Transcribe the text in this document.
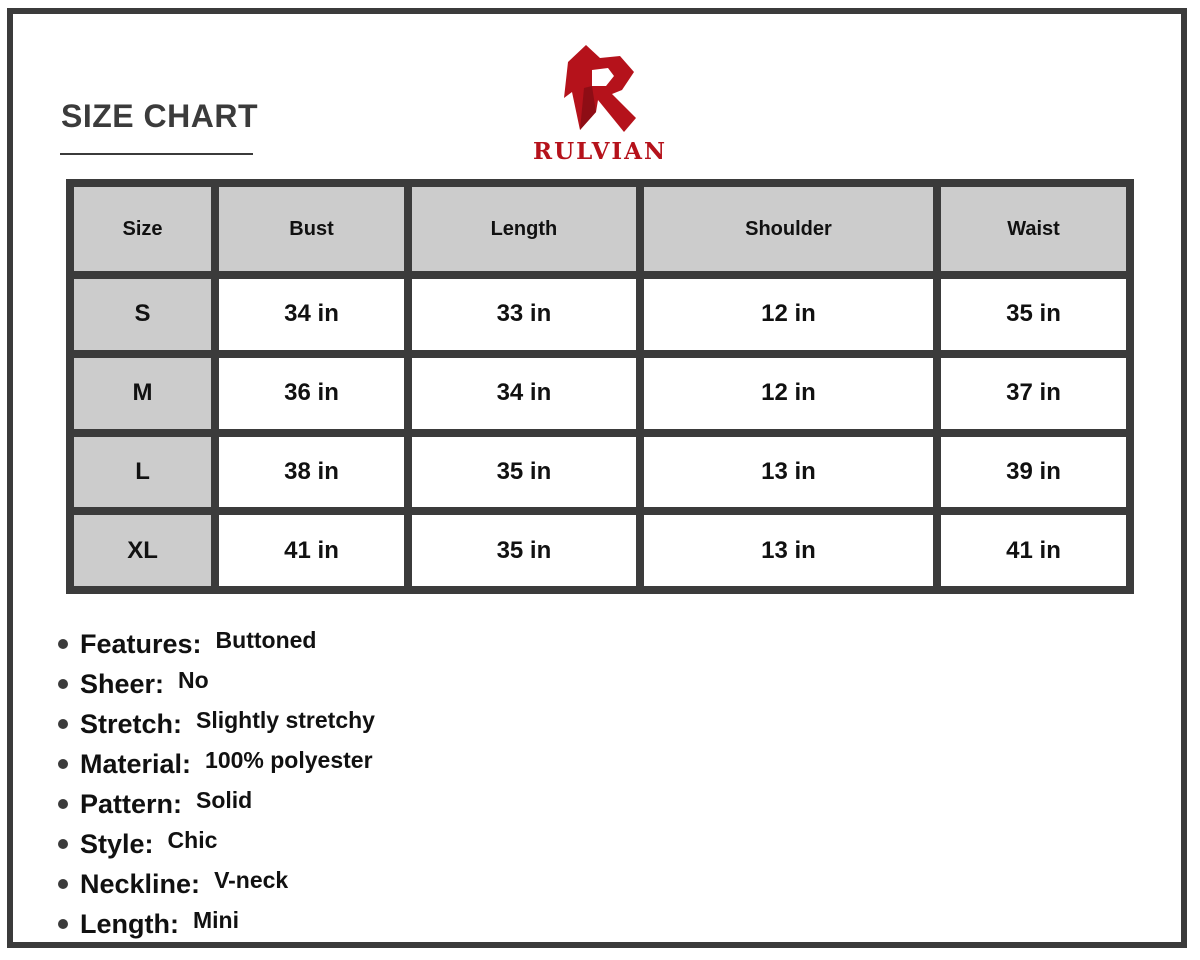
SIZE CHART
RULVIAN
Size	Bust	Length	Shoulder	Waist
S	34 in	33 in	12 in	35 in
M	36 in	34 in	12 in	37 in
L	38 in	35 in	13 in	39 in
XL	41 in	35 in	13 in	41 in
Features: Buttoned
Sheer: No
Stretch: Slightly stretchy
Material: 100% polyester
Pattern: Solid
Style: Chic
Neckline: V-neck
Length: Mini
